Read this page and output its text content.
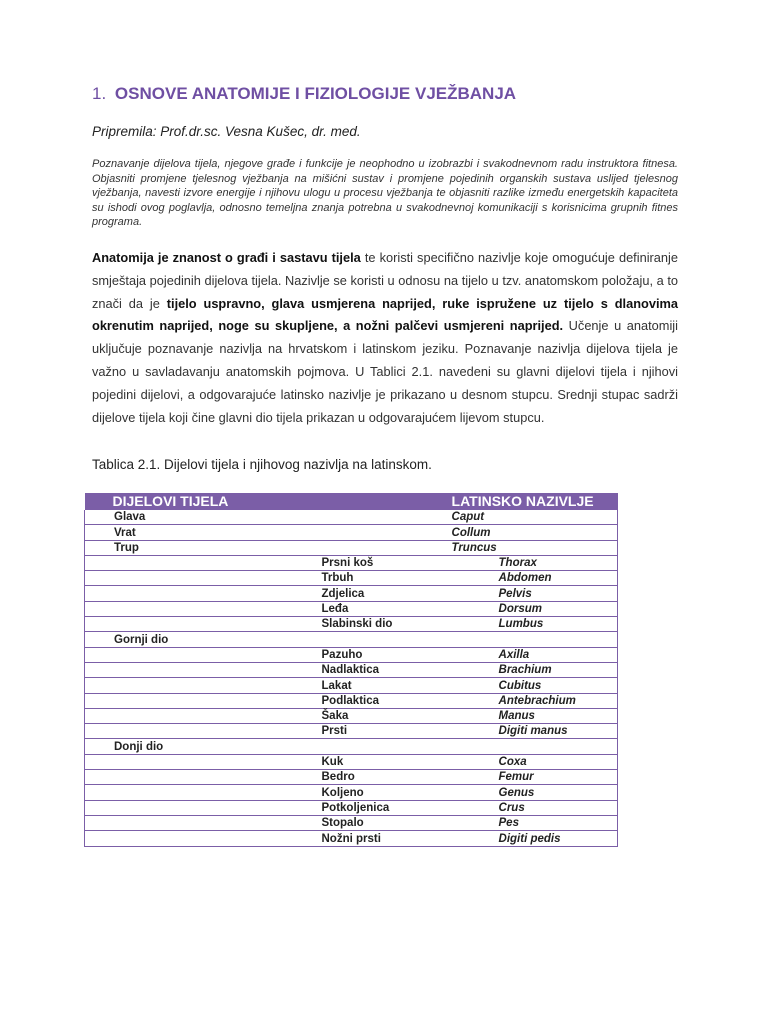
1. OSNOVE ANATOMIJE I FIZIOLOGIJE VJEŽBANJA
Pripremila: Prof.dr.sc. Vesna Kušec, dr. med.

Poznavanje dijelova tijela, njegove građe i funkcije je neophodno u izobrazbi i svakodnevnom radu instruktora fitnesa. Objasniti promjene tjelesnog vježbanja na mišićni sustav i promjene pojedinih organskih sustava uslijed tjelesnog vježbanja, navesti izvore energije i njihovu ulogu u procesu vježbanja te objasniti razlike između energetskih kapaciteta su ishodi ovog poglavlja, odnosno temeljna znanja potrebna u svakodnevnoj komunikaciji s korisnicima grupnih fitnes programa.

Anatomija je znanost o građi i sastavu tijela te koristi specifično nazivlje koje omogućuje definiranje smještaja pojedinih dijelova tijela. Nazivlje se koristi u odnosu na tijelo u tzv. anatomskom položaju, a to znači da je tijelo uspravno, glava usmjerena naprijed, ruke ispružene uz tijelo s dlanovima okrenutim naprijed, noge su skupljene, a nožni palčevi usmjereni naprijed. Učenje u anatomiji uključuje poznavanje nazivlja na hrvatskom i latinskom jeziku. Poznavanje nazivlja dijelova tijela je važno u savladavanju anatomskih pojmova. U Tablici 2.1. navedeni su glavni dijelovi tijela i njihovi pojedini dijelovi, a odgovarajuće latinsko nazivlje je prikazano u desnom stupcu. Srednji stupac sadrži dijelove tijela koji čine glavni dio tijela prikazan u odgovarajućem lijevom stupcu.

Tablica 2.1. Dijelovi tijela i njihovog nazivlja na latinskom.
DIJELOVI TIJELA		LATINSKO NAZIVLJE
Glava		Caput
Vrat		Collum
Trup		Truncus
	Prsni koš	Thorax
	Trbuh	Abdomen
	Zdjelica	Pelvis
	Leđa	Dorsum
	Slabinski dio	Lumbus
Gornji dio		
	Pazuho	Axilla
	Nadlaktica	Brachium
	Lakat	Cubitus
	Podlaktica	Antebrachium
	Šaka	Manus
	Prsti	Digiti manus
Donji dio		
	Kuk	Coxa
	Bedro	Femur
	Koljeno	Genus
	Potkoljenica	Crus
	Stopalo	Pes
	Nožni prsti	Digiti pedis
